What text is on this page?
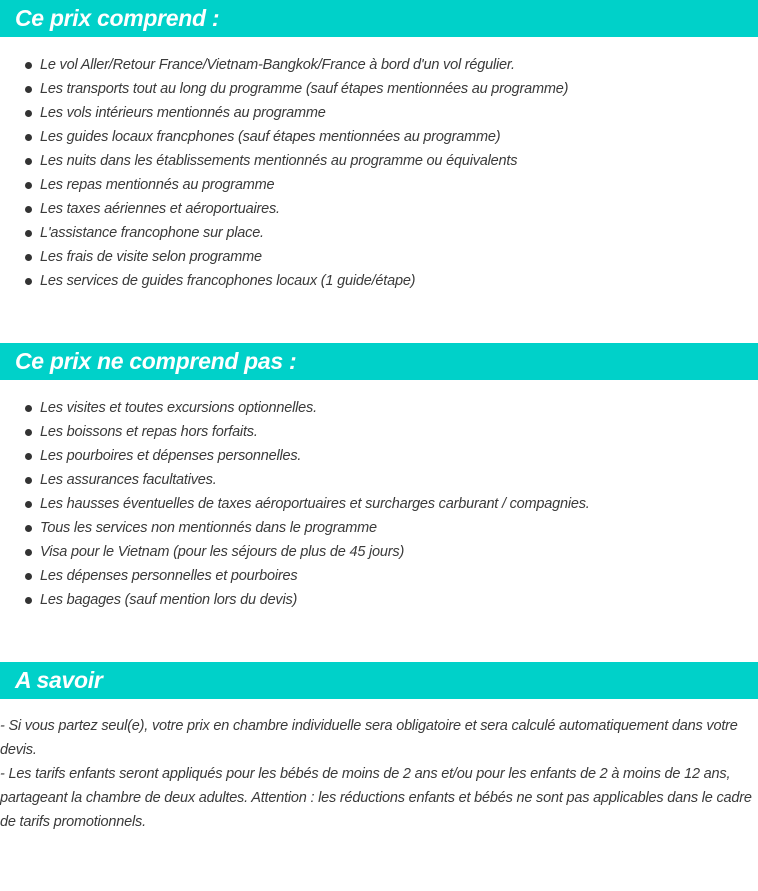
Ce prix comprend :
Le vol Aller/Retour France/Vietnam-Bangkok/France à bord d'un vol régulier.
Les transports tout au long du programme (sauf étapes mentionnées au programme)
Les vols intérieurs mentionnés au programme
Les guides locaux francphones (sauf étapes mentionnées au programme)
Les nuits dans les établissements mentionnés au programme ou équivalents
Les repas mentionnés au programme
Les taxes aériennes et aéroportuaires.
L'assistance francophone sur place.
Les frais de visite selon programme
Les services de guides francophones locaux (1 guide/étape)
Ce prix ne comprend pas :
Les visites et toutes excursions optionnelles.
Les boissons et repas hors forfaits.
Les pourboires et dépenses personnelles.
Les assurances facultatives.
Les hausses éventuelles de taxes aéroportuaires et surcharges carburant / compagnies.
Tous les services non mentionnés dans le programme
Visa pour le Vietnam (pour les séjours de plus de 45 jours)
Les dépenses personnelles et pourboires
Les bagages (sauf mention lors du devis)
A savoir

- Si vous partez seul(e), votre prix en chambre individuelle sera obligatoire et sera calculé automatiquement dans votre devis.

- Les tarifs enfants seront appliqués pour les bébés de moins de 2 ans et/ou pour les enfants de 2 à moins de 12 ans, partageant la chambre de deux adultes. Attention : les réductions enfants et bébés ne sont pas applicables dans le cadre de tarifs promotionnels.
